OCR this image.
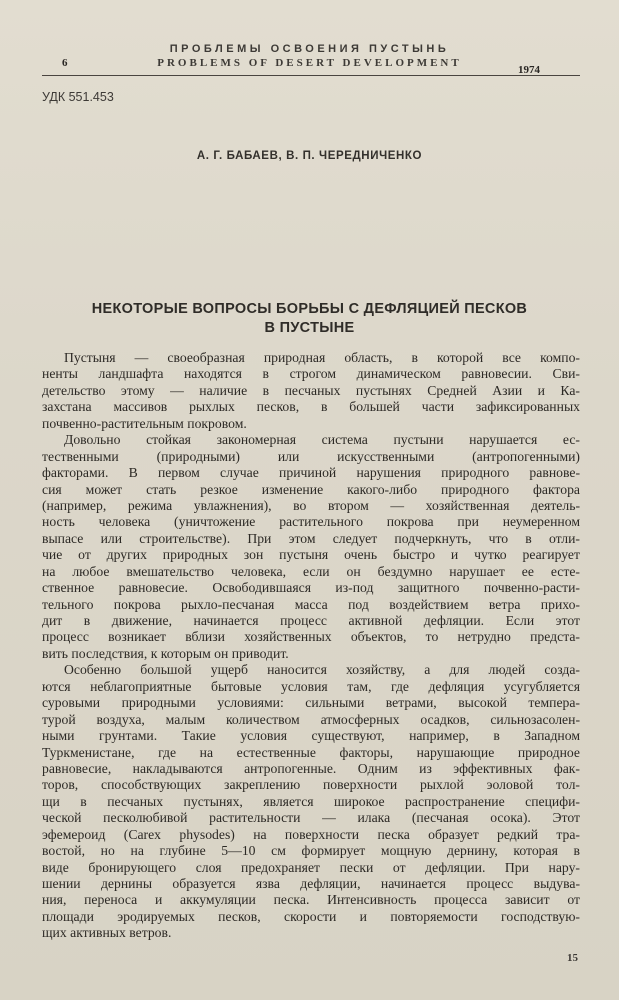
ПРОБЛЕМЫ ОСВОЕНИЯ ПУСТЫНЬ
6	PROBLEMS OF DESERT DEVELOPMENT
1974
УДК 551.453
А. Г. БАБАЕВ, В. П. ЧЕРЕДНИЧЕНКО
НЕКОТОРЫЕ ВОПРОСЫ БОРЬБЫ С ДЕФЛЯЦИЕЙ ПЕСКОВ
В ПУСТЫНЕ
Пустыня — своеобразная природная область, в которой все компо-
ненты ландшафта находятся в строгом динамическом равновесии. Сви-
детельство этому — наличие в песчаных пустынях Средней Азии и Ка-
захстана массивов рыхлых песков, в большей части зафиксированных
почвенно-растительным покровом.
Довольно стойкая закономерная система пустыни нарушается ес-
тественными (природными) или искусственными (антропогенными)
факторами. В первом случае причиной нарушения природного равнове-
сия может стать резкое изменение какого-либо природного фактора
(например, режима увлажнения), во втором — хозяйственная деятель-
ность человека (уничтожение растительного покрова при неумеренном
выпасе или строительстве). При этом следует подчеркнуть, что в отли-
чие от других природных зон пустыня очень быстро и чутко реагирует
на любое вмешательство человека, если он бездумно нарушает ее есте-
ственное равновесие. Освободившаяся из-под защитного почвенно-расти-
тельного покрова рыхло-песчаная масса под воздействием ветра прихо-
дит в движение, начинается процесс активной дефляции. Если этот
процесс возникает вблизи хозяйственных объектов, то нетрудно предста-
вить последствия, к которым он приводит.
Особенно большой ущерб наносится хозяйству, а для людей созда-
ются неблагоприятные бытовые условия там, где дефляция усугубляется
суровыми природными условиями: сильными ветрами, высокой темпера-
турой воздуха, малым количеством атмосферных осадков, сильнозасолен-
ными грунтами. Такие условия существуют, например, в Западном
Туркменистане, где на естественные факторы, нарушающие природное
равновесие, накладываются антропогенные. Одним из эффективных фак-
торов, способствующих закреплению поверхности рыхлой эоловой тол-
щи в песчаных пустынях, является широкое распространение специфи-
ческой песколюбивой растительности — илака (песчаная осока). Этот
эфемероид (Carex physodes) на поверхности песка образует редкий тра-
востой, но на глубине 5—10 см формирует мощную дернину, которая в
виде бронирующего слоя предохраняет пески от дефляции. При нару-
шении дернины образуется язва дефляции, начинается процесс выдува-
ния, переноса и аккумуляции песка. Интенсивность процесса зависит от
площади эродируемых песков, скорости и повторяемости господствую-
щих активных ветров.
15
